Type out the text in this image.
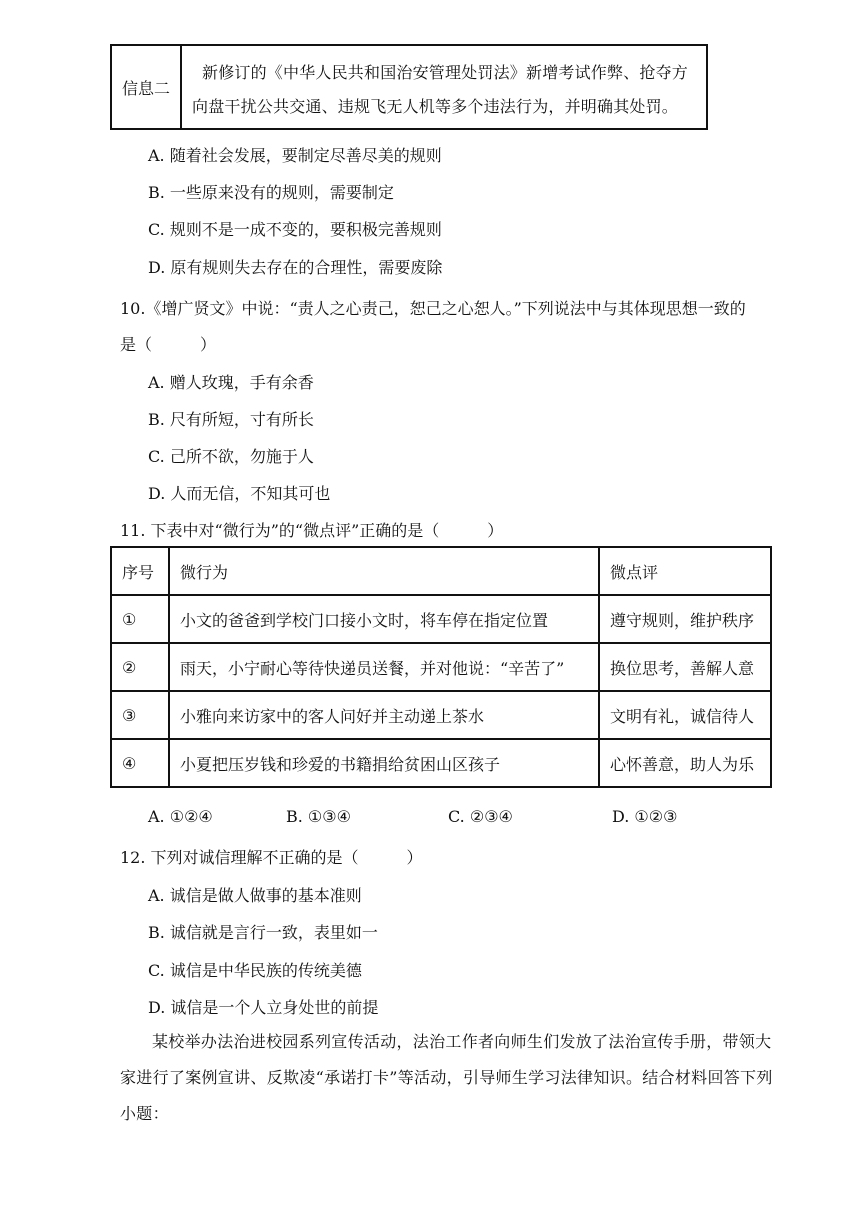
信息二
新修订的《中华人民共和国治安管理处罚法》新增考试作弊、抢夺方向盘干扰公共交通、违规飞无人机等多个违法行为，并明确其处罚。
A. 随着社会发展，要制定尽善尽美的规则
B. 一些原来没有的规则，需要制定
C. 规则不是一成不变的，要积极完善规则
D. 原有规则失去存在的合理性，需要废除
10.《增广贤文》中说：“责人之心责己，恕己之心恕人。”下列说法中与其体现思想一致的
是（　　　）
A. 赠人玫瑰，手有余香
B. 尺有所短，寸有所长
C. 己所不欲，勿施于人
D. 人而无信，不知其可也
11. 下表中对“微行为”的“微点评”正确的是（　　　）
序号	微行为	微点评
①	小文的爸爸到学校门口接小文时，将车停在指定位置	遵守规则，维护秩序
②	雨天，小宁耐心等待快递员送餐，并对他说：“辛苦了”	换位思考，善解人意
③	小雅向来访家中的客人问好并主动递上茶水	文明有礼，诚信待人
④	小夏把压岁钱和珍爱的书籍捐给贫困山区孩子	心怀善意，助人为乐
A. ①②④	B. ①③④	C. ②③④	D. ①②③
12. 下列对诚信理解不正确的是（　　　）
A. 诚信是做人做事的基本准则
B. 诚信就是言行一致，表里如一
C. 诚信是中华民族的传统美德
D. 诚信是一个人立身处世的前提
某校举办法治进校园系列宣传活动，法治工作者向师生们发放了法治宣传手册，带领大家进行了案例宣讲、反欺凌“承诺打卡”等活动，引导师生学习法律知识。结合材料回答下列小题：
